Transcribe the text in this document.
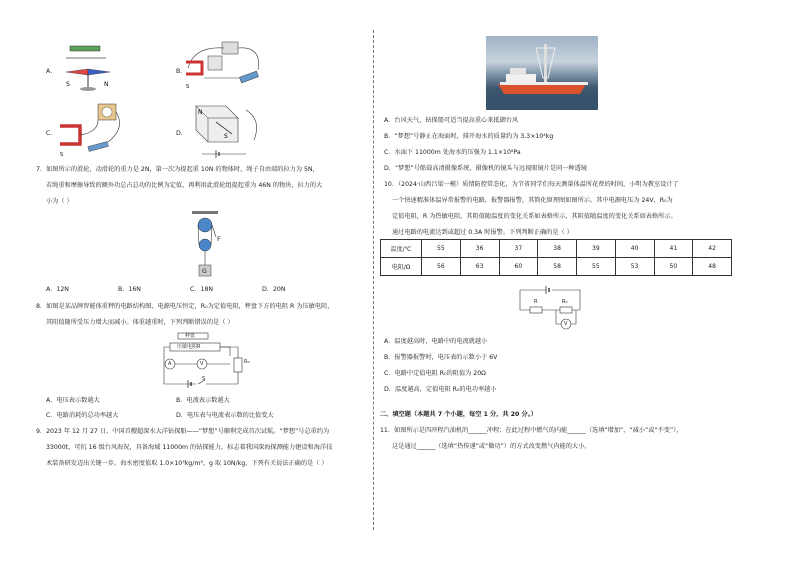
A．
S	N
B．
S
C． N
S
D．
N
S
7．如图所示的滑轮，动滑轮的重力是 2N，第一次为提起重 10N 的物体时，绳子自由端的拉力为 5N，
若绳重和摩擦导致的额外功总占总功的比例为定值，再利用此滑轮组提起重为 46N 的物块，拉力的大
小为（ ）
F
G
A．12N	B．16N	C．18N	D．20N
8．如图是某品牌智能体重秤的电路结构图，电源电压恒定，R₀为定值电阻，秤盘下方的电阻 R 为压敏电阻，
其阻值随所受压力增大而减小。体重越重时，下列判断错误的是（ ）
秤盘
压敏电阻R
A	V
S
R₀
A．电压表示数越大	B．电流表示数越大
C．电路消耗的总功率越大	D．电压表与电流表示数的比值变大
9．2023 年 12 月 27 日，中国首艘超深水大洋钻探船——“梦想”号顺利完成首次试航。“梦想”号总重约为
33000t，可抗 16 级台风海况，具备海域 11000m 的钻探能力，标志着我国深海探测能力建设和海洋技
术装备研发迈出关键一步。海水密度值取 1.0×10³kg/m³，g 取 10N/kg，下列有关说法正确的是（ ）
A．台风天气，钻探船可适当提高重心来抵御台风
B．“梦想”号静止在海面时，排开海水的质量约为 3.3×10⁴kg
C．水面下 11000m 处海水的压强为 1.1×10⁸Pa
D．“梦想”号船载高清摄像系统，摄像机的镜头与远视眼镜片是同一种透镜
10．（2024·山西吕梁一模）质情防控常态化，为节省同学们每天测量体温所花费的时间，小明为教室设计了
一个快速精准体温异常报警的电路，报警器报警，其简化原理图如图所示。其中电源电压为 24V，R₀为
定值电阻，R 为热敏电阻，其阻值随温度的变化关系如表格所示，其阻值随温度的变化关系如表格所示。
通过电路的电流达到或超过 0.3A 时报警。下列判断正确的是（ ）
温度/℃	55	36	37	38	39	40	41	42
电阻/Ω	56	63	60	58	55	53	50	48
R	R₀
V
A．温度越高时，电路中的电流就越小
B．报警器报警时，电压表的示数小于 6V
C．电路中定值电阻 R₀的阻值为 20Ω
D．温度越高，定值电阻 R₀的电功率越小
二、填空题（本题共 7 个小题，每空 1 分，共 20 分。）
11．如图所示是四冲程汽油机的______冲程；在此过程中燃气的内能______（选填“增加”、“减小”或“不变”），
这是通过______（选填“热传递”或“做功”）的方式改变燃气内能的大小。
